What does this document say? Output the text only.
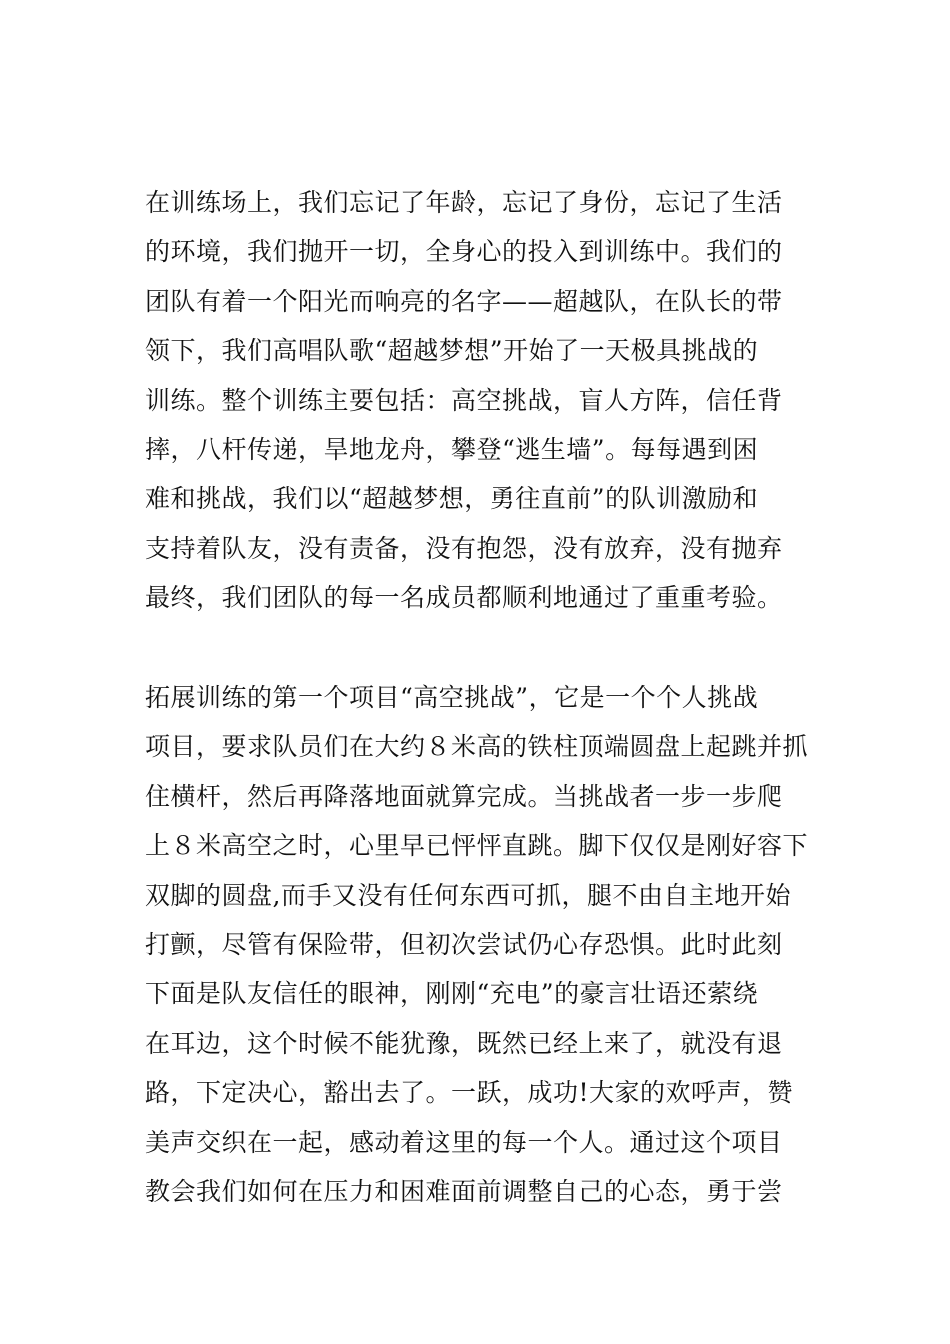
在训练场上，我们忘记了年龄，忘记了身份，忘记了生活
的环境，我们抛开一切，全身心的投入到训练中。我们的
团队有着一个阳光而响亮的名字——超越队，在队长的带
领下，我们高唱队歌“超越梦想”开始了一天极具挑战的
训练。整个训练主要包括：高空挑战，盲人方阵，信任背
摔，八杆传递，旱地龙舟，攀登“逃生墙”。每每遇到困
难和挑战，我们以“超越梦想，勇往直前”的队训激励和
支持着队友，没有责备，没有抱怨，没有放弃，没有抛弃
最终，我们团队的每一名成员都顺利地通过了重重考验。
拓展训练的第一个项目“高空挑战”，它是一个个人挑战
项目，要求队员们在大约８米高的铁柱顶端圆盘上起跳并抓
住横杆，然后再降落地面就算完成。当挑战者一步一步爬
上８米高空之时，心里早已怦怦直跳。脚下仅仅是刚好容下
双脚的圆盘,而手又没有任何东西可抓，腿不由自主地开始
打颤，尽管有保险带，但初次尝试仍心存恐惧。此时此刻
下面是队友信任的眼神，刚刚“充电”的豪言壮语还萦绕
在耳边，这个时候不能犹豫，既然已经上来了，就没有退
路，下定决心，豁出去了。一跃，成功!大家的欢呼声，赞
美声交织在一起，感动着这里的每一个人。通过这个项目
教会我们如何在压力和困难面前调整自己的心态，勇于尝
